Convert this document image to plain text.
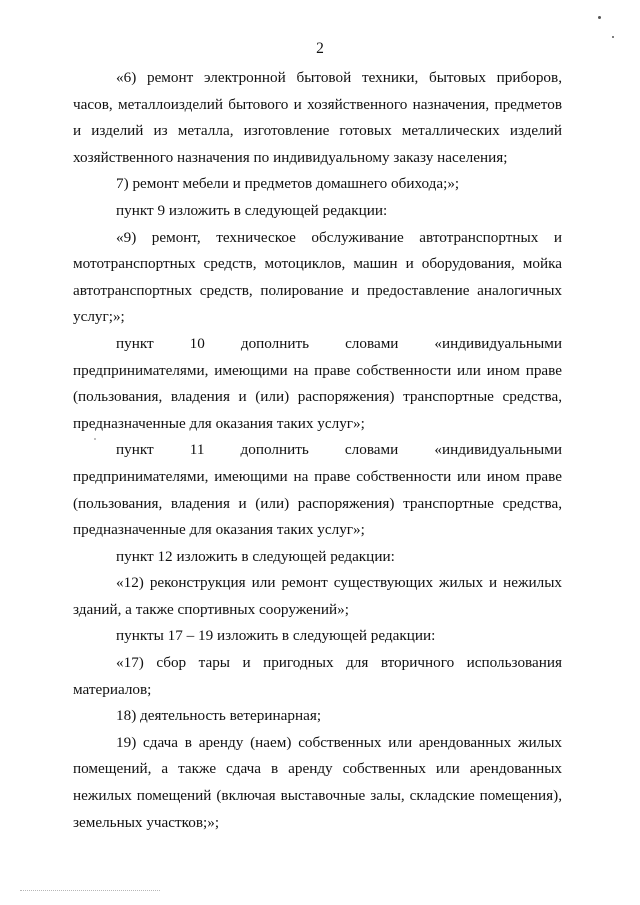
2

«6) ремонт электронной бытовой техники, бытовых приборов, часов, металлоизделий бытового и хозяйственного назначения, предметов и изделий из металла, изготовление готовых металлических изделий хозяйственного назначения по индивидуальному заказу населения;

7) ремонт мебели и предметов домашнего обихода;»;

пункт 9 изложить в следующей редакции:

«9) ремонт, техническое обслуживание автотранспортных и мототранспортных средств, мотоциклов, машин и оборудования, мойка автотранспортных средств, полирование и предоставление аналогичных услуг;»;

пункт 10 дополнить словами «индивидуальными предпринимателями, имеющими на праве собственности или ином праве (пользования, владения и (или) распоряжения) транспортные средства, предназначенные для оказания таких услуг»;

пункт 11 дополнить словами «индивидуальными предпринимателями, имеющими на праве собственности или ином праве (пользования, владения и (или) распоряжения) транспортные средства, предназначенные для оказания таких услуг»;

пункт 12 изложить в следующей редакции:

«12) реконструкция или ремонт существующих жилых и нежилых зданий, а также спортивных сооружений»;

пункты 17 – 19 изложить в следующей редакции:

«17) сбор тары и пригодных для вторичного использования материалов;

18) деятельность ветеринарная;

19) сдача в аренду (наем) собственных или арендованных жилых помещений, а также сдача в аренду собственных или арендованных нежилых помещений (включая выставочные залы, складские помещения), земельных участков;»;
